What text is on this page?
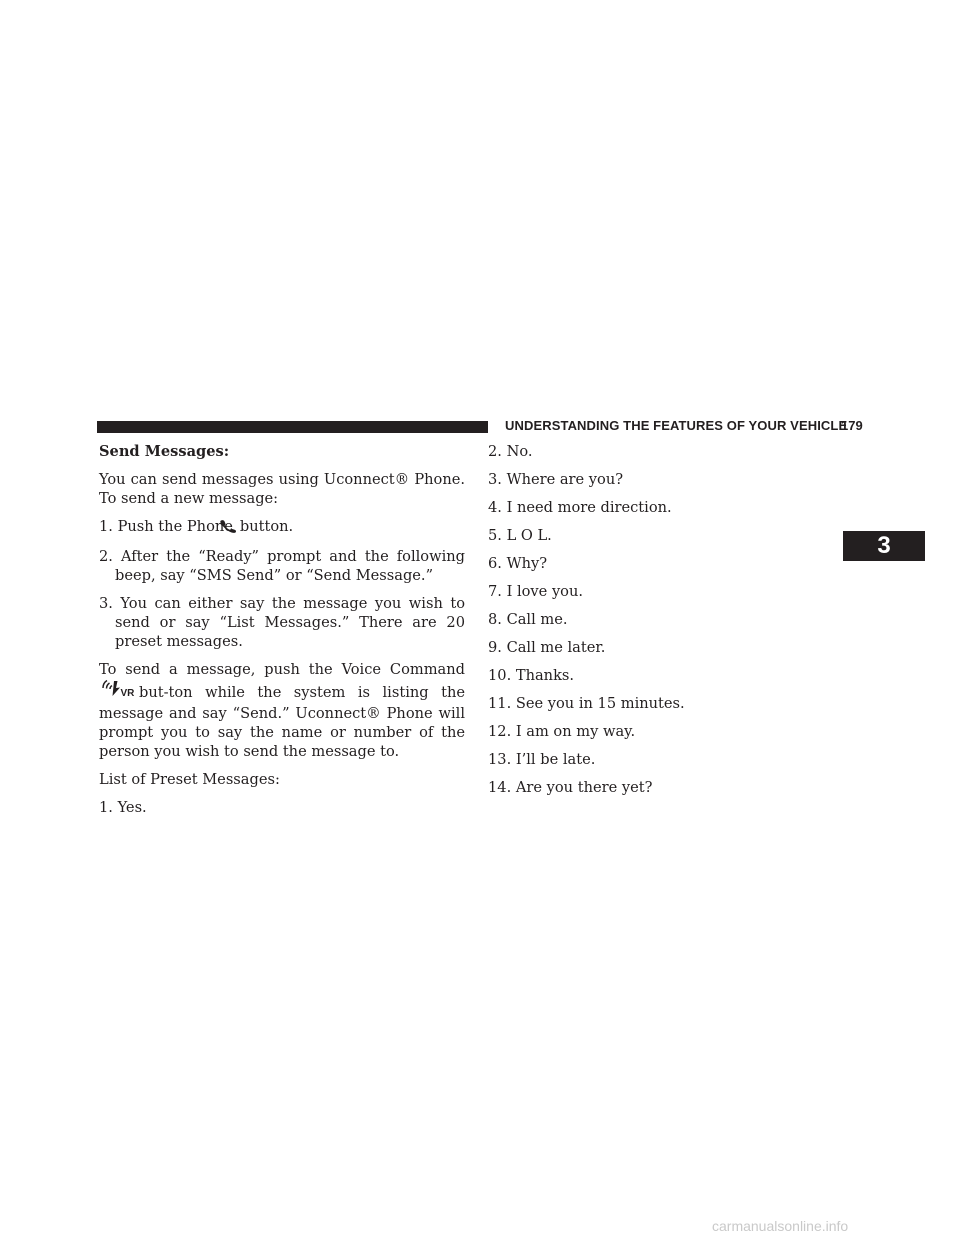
UNDERSTANDING THE FEATURES OF YOUR VEHICLE
179

Send Messages:

You can send messages using Uconnect® Phone. To send a new message:

1. Push the Phone button.

2. After the “Ready” prompt and the following beep, say “SMS Send” or “Send Message.”

3. You can either say the message you wish to send or say “List Messages.” There are 20 preset messages.

To send a message, push the Voice Command
VR but-ton while the system is listing the message and say “Send.” Uconnect® Phone will prompt you to say the name or number of the person you wish to send the message to.

List of Preset Messages:

1. Yes.

2. No.

3. Where are you?

4. I need more direction.

5. L O L.

6. Why?

7. I love you.

8. Call me.

9. Call me later.

10. Thanks.

11. See you in 15 minutes.

12. I am on my way.

13. I’ll be late.

14. Are you there yet?

3
carmanualsonline.info
